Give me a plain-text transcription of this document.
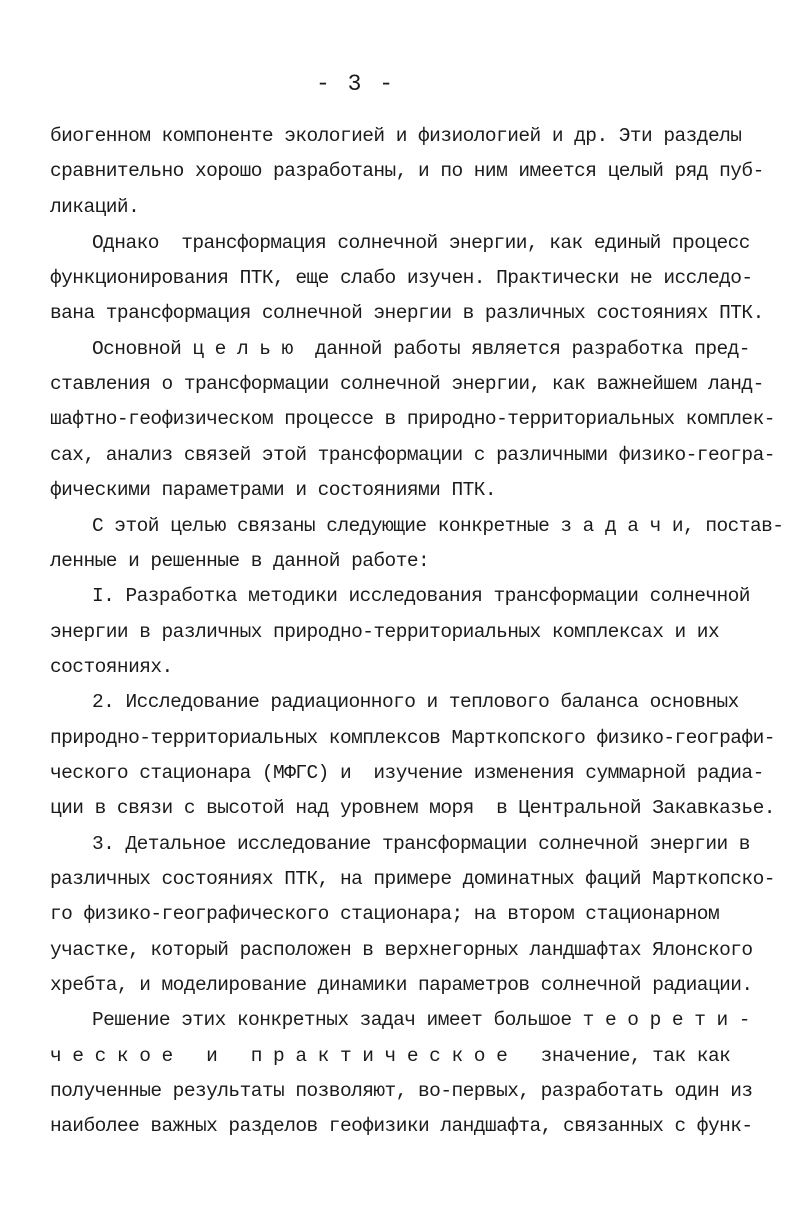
- 3 -
биогенном компоненте экологией и физиологией и др. Эти разделы
сравнительно хорошо разработаны, и по ним имеется целый ряд пуб-
ликаций.
Однако  трансформация солнечной энергии, как единый процесс
функционирования ПТК, еще слабо изучен. Практически не исследо-
вана трансформация солнечной энергии в различных состояниях ПТК.
Основной ц е л ь ю  данной работы является разработка пред-
ставления о трансформации солнечной энергии, как важнейшем ланд-
шафтно-геофизическом процессе в природно-территориальных комплек-
сах, анализ связей этой трансформации с различными физико-геогра-
фическими параметрами и состояниями ПТК.
С этой целью связаны следующие конкретные з а д а ч и, постав-
ленные и решенные в данной работе:
I. Разработка методики исследования трансформации солнечной
энергии в различных природно-территориальных комплексах и их
состояниях.
2. Исследование радиационного и теплового баланса основных
природно-территориальных комплексов Марткопского физико-географи-
ческого стационара (МФГС) и  изучение изменения суммарной радиа-
ции в связи с высотой над уровнем моря  в Центральной Закавказье.
3. Детальное исследование трансформации солнечной энергии в
различных состояниях ПТК, на примере доминатных фаций Марткопско-
го физико-географического стационара; на втором стационарном
участке, который расположен в верхнегорных ландшафтах Ялонского
хребта, и моделирование динамики параметров солнечной радиации.
Решение этих конкретных задач имеет большое т е о р е т и -
ч е с к о е   и   п р а к т и ч е с к о е   значение, так как
полученные результаты позволяют, во-первых, разработать один из
наиболее важных разделов геофизики ландшафта, связанных с функ-
